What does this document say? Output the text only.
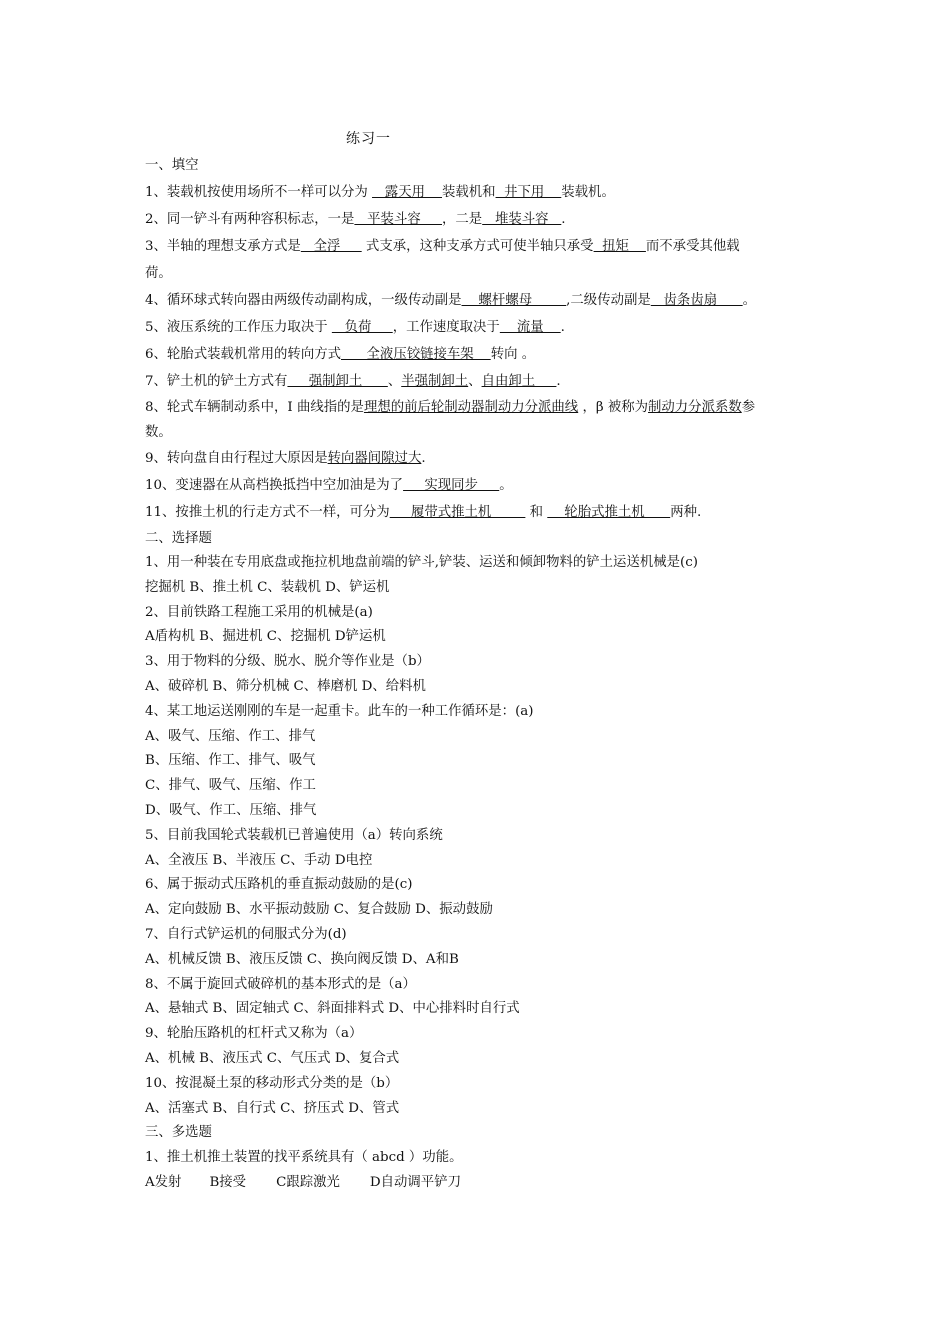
练习一
一、填空
1、装载机按使用场所不一样可以分为    露天用    装载机和  井下用    装载机。
2、同一铲斗有两种容积标志，一是   平装斗容     ，二是   堆装斗容   .
3、半轴的理想支承方式是   全浮      式支承，这种支承方式可使半轴只承受  扭矩    而不承受其他载
荷。
4、循环球式转向器由两级传动副构成，一级传动副是    螺杆螺母        ,二级传动副是   齿条齿扇      。
5、液压系统的工作压力取决于    负荷     ，工作速度取决于    流量    .
6、轮胎式装载机常用的转向方式      全液压铰链接车架    转向 。
7、铲土机的铲土方式有     强制卸土      、半强制卸土、自由卸土     .
8、轮式车辆制动系中，I 曲线指的是理想的前后轮制动器制动力分派曲线 ，β 被称为制动力分派系数参
数。
9、转向盘自由行程过大原因是转向器间隙过大.
10、变速器在从高档换抵挡中空加油是为了     实现同步     。
11、按推土机的行走方式不一样，可分为     履带式推土机         和     轮胎式推土机      两种.
二、选择题
1、用一种装在专用底盘或拖拉机地盘前端的铲斗,铲装、运送和倾卸物料的铲土运送机械是(c)
挖掘机 B、推土机 C、装载机 D、铲运机
2、目前铁路工程施工采用的机械是(a)
A盾构机 B、掘进机 C、挖掘机 D铲运机
3、用于物料的分级、脱水、脱介等作业是（b）
A、破碎机 B、筛分机械 C、棒磨机 D、给料机
4、某工地运送刚刚的车是一起重卡。此车的一种工作循环是：(a)
A、吸气、压缩、作工、排气
B、压缩、作工、排气、吸气
C、排气、吸气、压缩、作工
D、吸气、作工、压缩、排气
5、目前我国轮式装载机已普遍使用（a）转向系统
A、全液压 B、半液压 C、手动 D电控
6、属于振动式压路机的垂直振动鼓励的是(c)
A、定向鼓励 B、水平振动鼓励 C、复合鼓励 D、振动鼓励
7、自行式铲运机的伺服式分为(d)
A、机械反馈 B、液压反馈 C、换向阀反馈 D、A和B
8、不属于旋回式破碎机的基本形式的是（a）
A、悬轴式 B、固定轴式 C、斜面排料式 D、中心排料时自行式
9、轮胎压路机的杠杆式又称为（a）
A、机械 B、液压式 C、气压式 D、复合式
10、按混凝土泵的移动形式分类的是（b）
A、活塞式 B、自行式 C、挤压式 D、管式
三、多选题
1、推土机推土装置的找平系统具有（ abcd ）功能。
A发射 B接受 C跟踪激光 D自动调平铲刀
